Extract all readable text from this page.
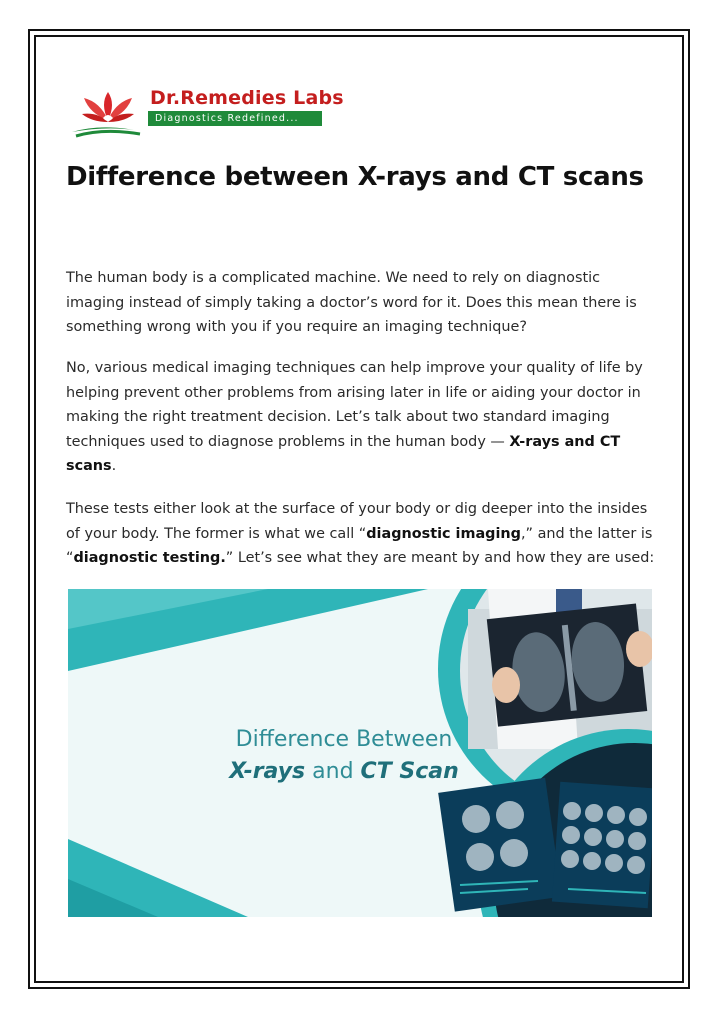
Dr.Remedies Labs
Diagnostics Redefined...
Difference between X-rays and CT scans

The human body is a complicated machine. We need to rely on diagnostic imaging instead of simply taking a doctor’s word for it. Does this mean there is something wrong with you if you require an imaging technique?

No, various medical imaging techniques can help improve your quality of life by helping prevent other problems from arising later in life or aiding your doctor in making the right treatment decision. Let’s talk about two standard imaging techniques used to diagnose problems in the human body — X-rays and CT scans.

These tests either look at the surface of your body or dig deeper into the insides of your body. The former is what we call “diagnostic imaging,” and the latter is “diagnostic testing.” Let’s see what they are meant by and how they are used:

Difference Between
X-rays and CT Scan
